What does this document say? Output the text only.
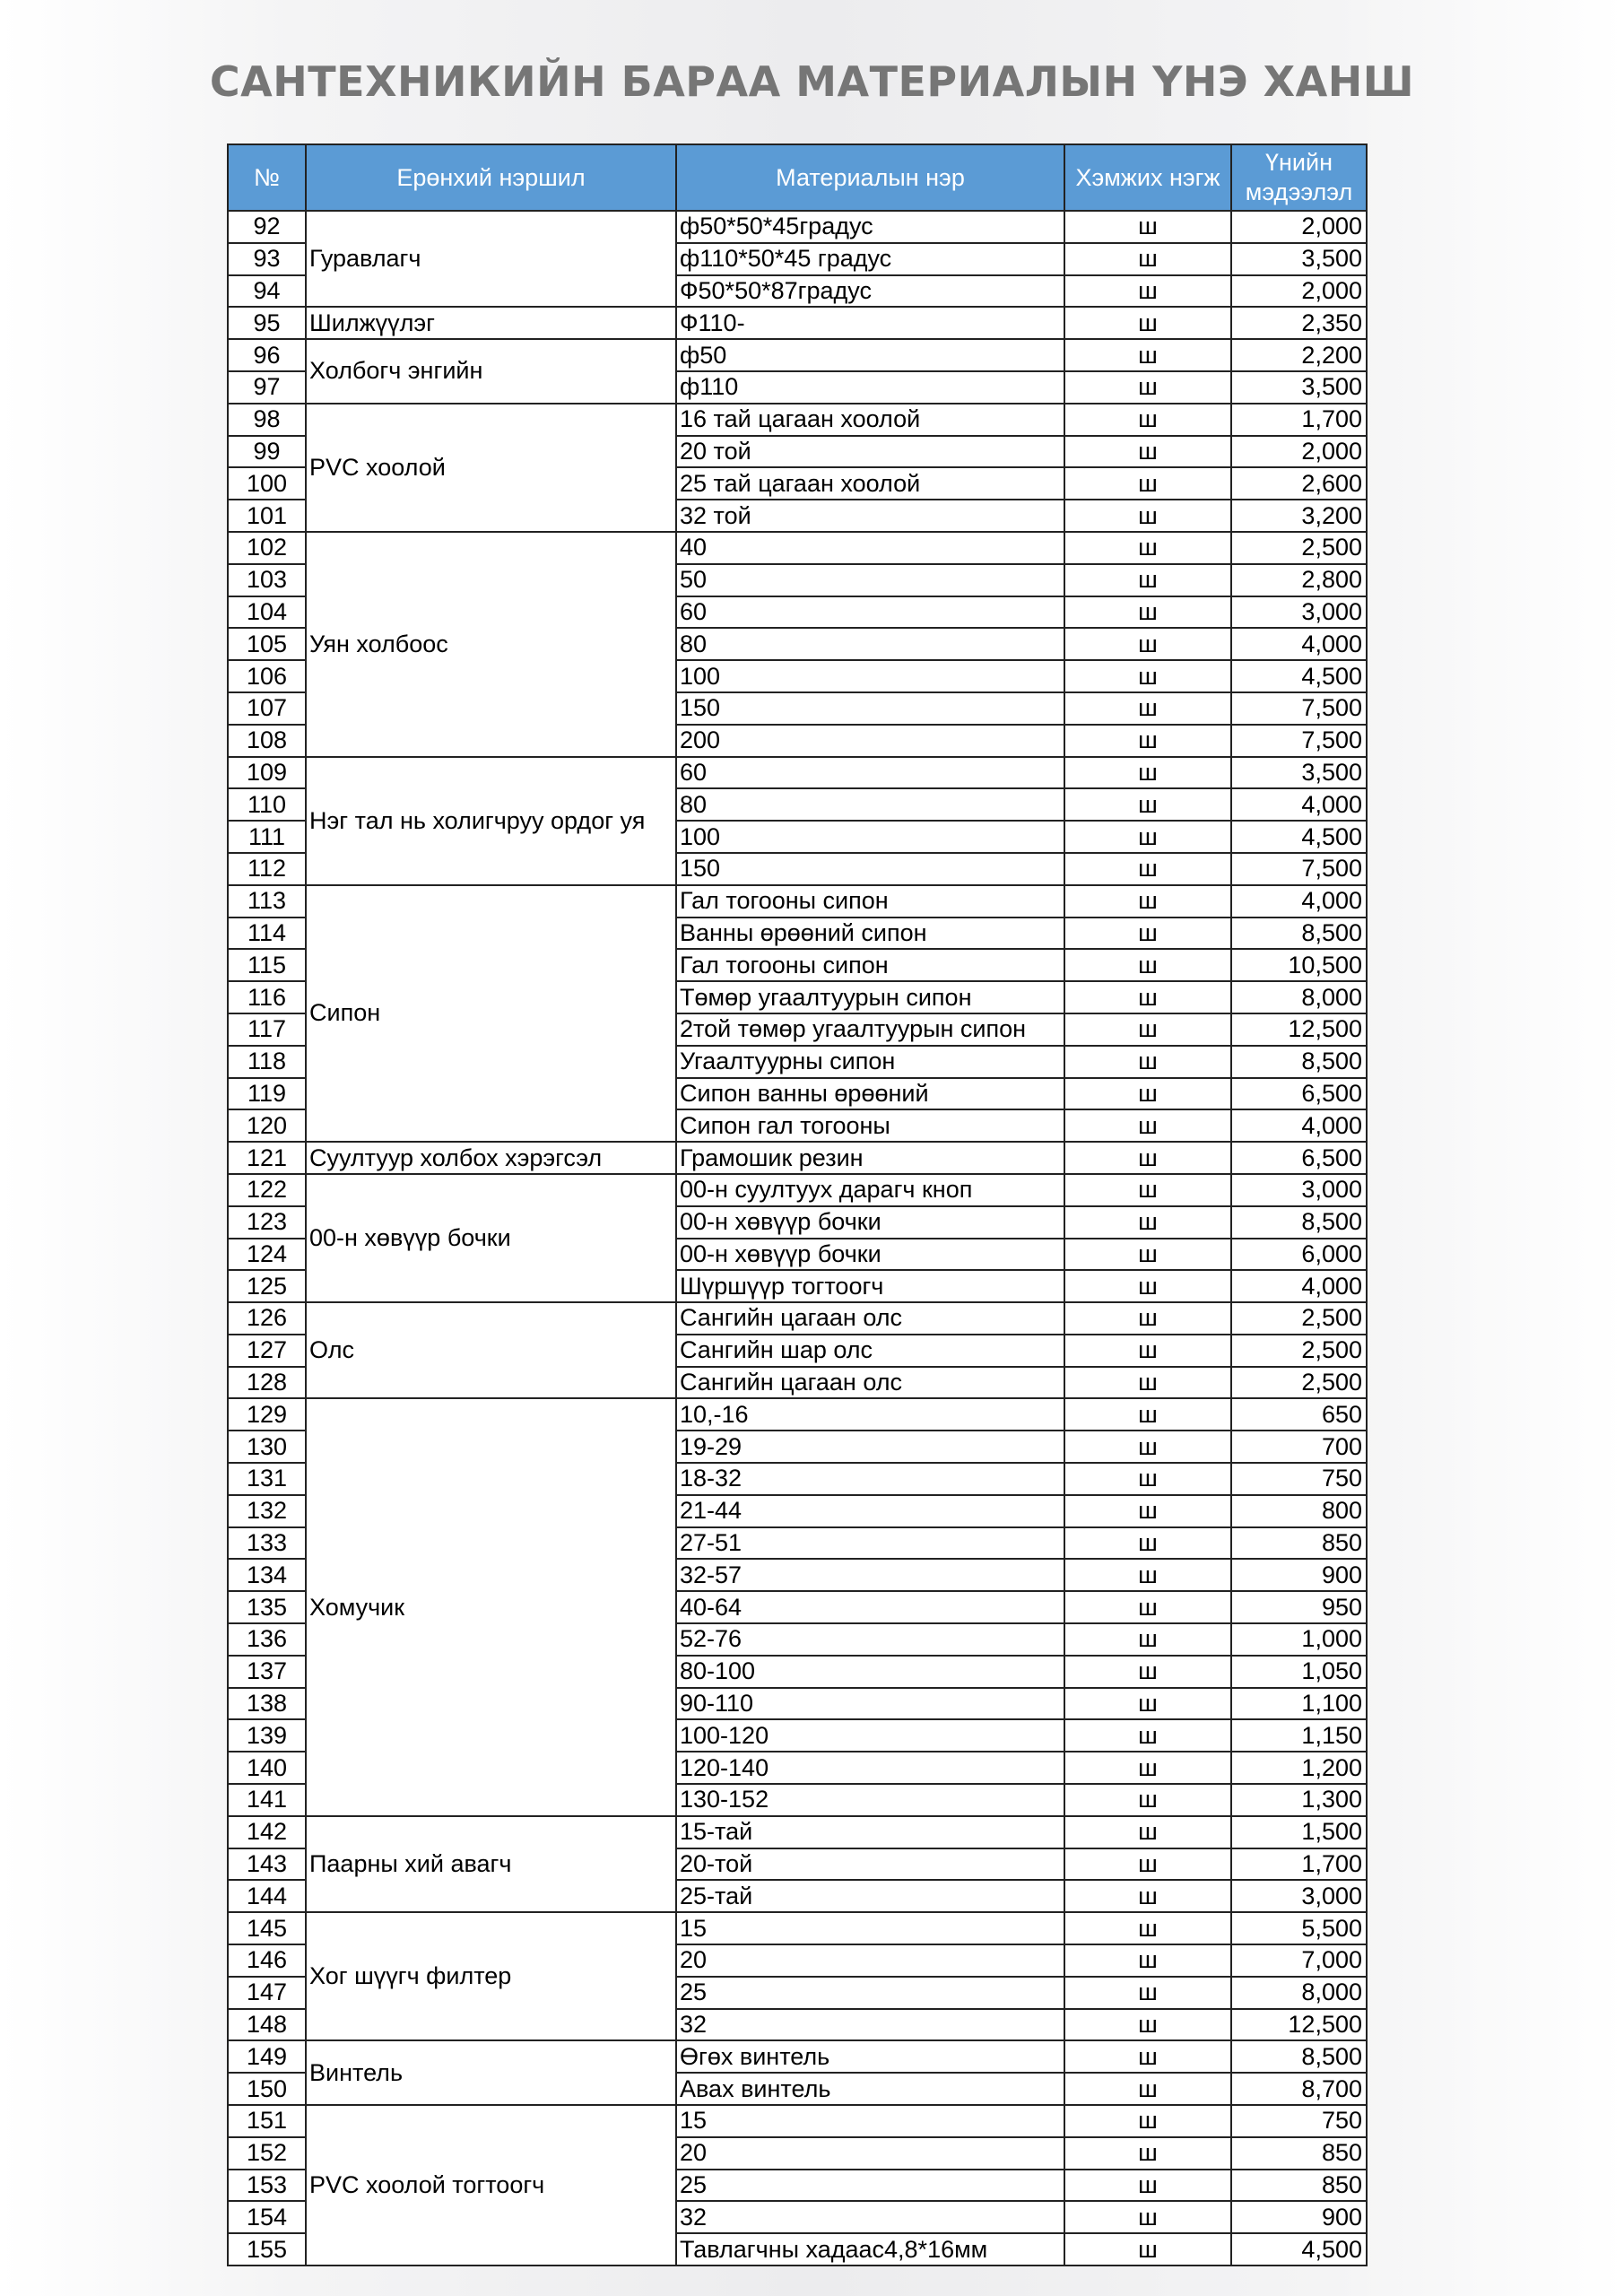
САНТЕХНИКИЙН БАРАА МАТЕРИАЛЫН ҮНЭ ХАНШ
№	Ерөнхий нэршил	Материалын нэр	Хэмжих нэгж	Үнийн
мэдээлэл
92	Гуравлагч	ф50*50*45градус	ш	2,000
93		ф110*50*45 градус	ш	3,500
94		Ф50*50*87градус	ш	2,000
95	Шилжүүлэг	Ф110-	ш	2,350
96	Холбогч энгийн	ф50	ш	2,200
97		ф110	ш	3,500
98	PVC хоолой	16 тай цагаан хоолой	ш	1,700
99		20 той	ш	2,000
100		25 тай цагаан хоолой	ш	2,600
101		32 той	ш	3,200
102	Уян холбоос	40	ш	2,500
103		50	ш	2,800
104		60	ш	3,000
105		80	ш	4,000
106		100	ш	4,500
107		150	ш	7,500
108		200	ш	7,500
109	Нэг тал нь холигчруу ордог уя	60	ш	3,500
110		80	ш	4,000
111		100	ш	4,500
112		150	ш	7,500
113	Сипон	Гал тогооны сипон	ш	4,000
114		Ванны өрөөний сипон	ш	8,500
115		Гал тогооны сипон	ш	10,500
116		Төмөр угаалтуурын сипон	ш	8,000
117		2той төмөр угаалтуурын сипон	ш	12,500
118		Угаалтуурны сипон	ш	8,500
119		Сипон ванны өрөөний	ш	6,500
120		Сипон гал тогооны	ш	4,000
121	Суултуур холбох хэрэгсэл	Грамошик резин	ш	6,500
122	00-н хөвүүр бочки	00-н суултуух дарагч кноп	ш	3,000
123		00-н хөвүүр бочки	ш	8,500
124		00-н хөвүүр бочки	ш	6,000
125		Шүршүүр тогтоогч	ш	4,000
126	Олс	Сангийн цагаан олс	ш	2,500
127		Сангийн шар олс	ш	2,500
128		Сангийн цагаан олс	ш	2,500
129	Хомучик	10,-16	ш	650
130		19-29	ш	700
131		18-32	ш	750
132		21-44	ш	800
133		27-51	ш	850
134		32-57	ш	900
135		40-64	ш	950
136		52-76	ш	1,000
137		80-100	ш	1,050
138		90-110	ш	1,100
139		100-120	ш	1,150
140		120-140	ш	1,200
141		130-152	ш	1,300
142	Паарны хий авагч	15-тай	ш	1,500
143		20-той	ш	1,700
144		25-тай	ш	3,000
145	Хог шүүгч филтер	15	ш	5,500
146		20	ш	7,000
147		25	ш	8,000
148		32	ш	12,500
149	Винтель	Өгөх винтель	ш	8,500
150		Авах винтель	ш	8,700
151	PVC хоолой тогтоогч	15	ш	750
152		20	ш	850
153		25	ш	850
154		32	ш	900
155		Тавлагчны хадаас4,8*16мм	ш	4,500
